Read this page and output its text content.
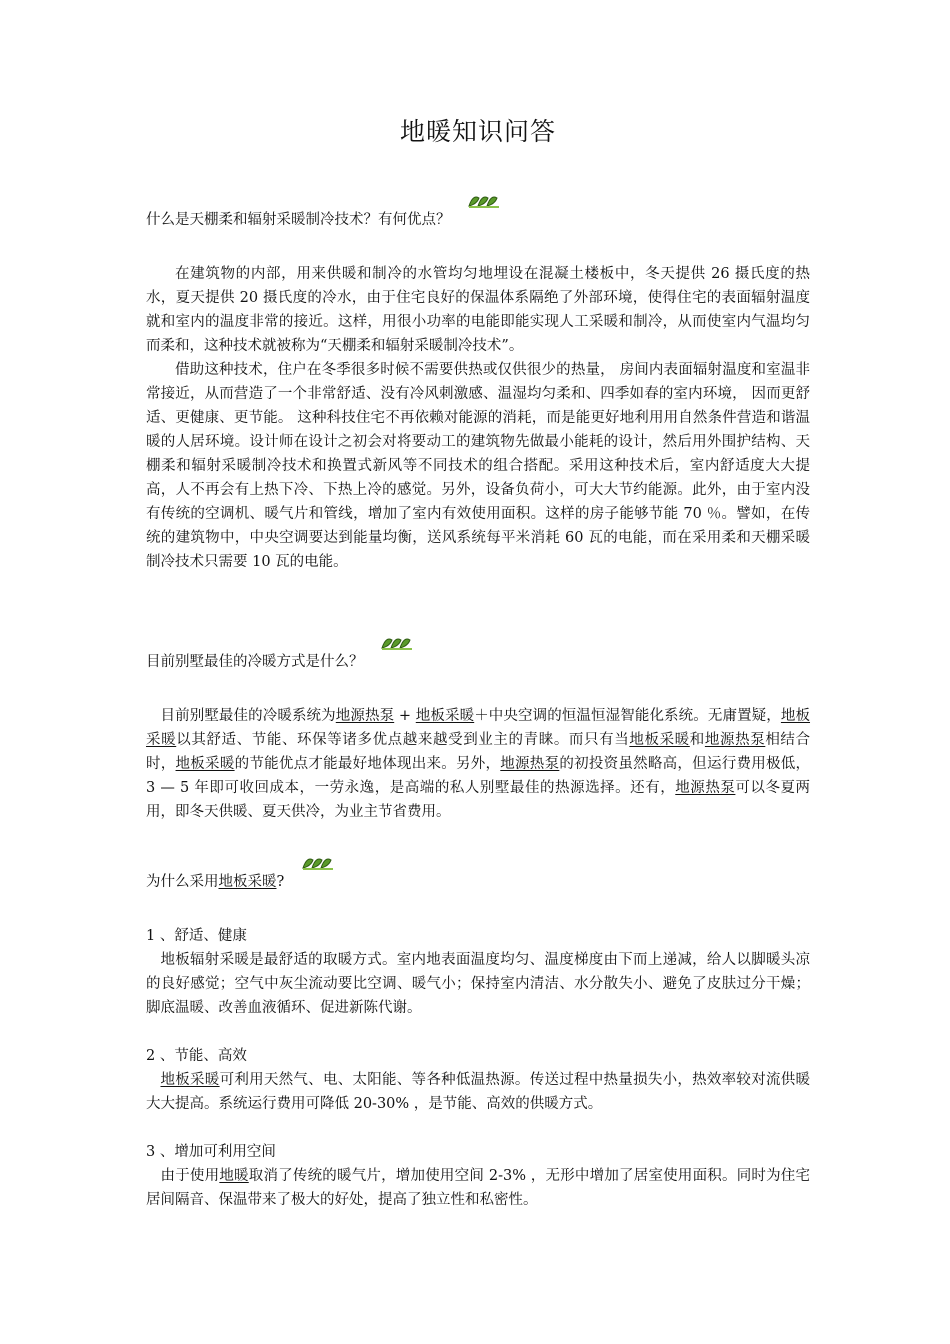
地暖知识问答
什么是天棚柔和辐射采暖制冷技术？有何优点？
在建筑物的内部，用来供暖和制冷的水管均匀地埋设在混凝土楼板中，冬天提供 26 摄氏度的热水，夏天提供 20 摄氏度的冷水，由于住宅良好的保温体系隔绝了外部环境，使得住宅的表面辐射温度就和室内的温度非常的接近。这样，用很小功率的电能即能实现人工采暖和制冷，从而使室内气温均匀而柔和，这种技术就被称为“天棚柔和辐射采暖制冷技术”。
借助这种技术，住户在冬季很多时候不需要供热或仅供很少的热量， 房间内表面辐射温度和室温非常接近，从而营造了一个非常舒适、没有冷风刺激感、温湿均匀柔和、四季如春的室内环境， 因而更舒适、更健康、更节能。 这种科技住宅不再依赖对能源的消耗，而是能更好地利用用自然条件营造和谐温暖的人居环境。设计师在设计之初会对将要动工的建筑物先做最小能耗的设计，然后用外围护结构、天棚柔和辐射采暖制冷技术和换置式新风等不同技术的组合搭配。采用这种技术后，室内舒适度大大提高，人不再会有上热下冷、下热上冷的感觉。另外，设备负荷小，可大大节约能源。此外，由于室内没有传统的空调机、暖气片和管线，增加了室内有效使用面积。这样的房子能够节能 70 ％。譬如，在传统的建筑物中，中央空调要达到能量均衡，送风系统每平米消耗 60 瓦的电能，而在采用柔和天棚采暖制冷技术只需要 10 瓦的电能。
目前别墅最佳的冷暖方式是什么？
目前别墅最佳的冷暖系统为地源热泵 + 地板采暖＋中央空调的恒温恒湿智能化系统。无庸置疑，地板采暖以其舒适、节能、环保等诸多优点越来越受到业主的青睐。而只有当地板采暖和地源热泵相结合时，地板采暖的节能优点才能最好地体现出来。另外，地源热泵的初投资虽然略高，但运行费用极低， 3 — 5 年即可收回成本，一劳永逸，是高端的私人别墅最佳的热源选择。还有，地源热泵可以冬夏两用，即冬天供暖、夏天供冷，为业主节省费用。
为什么采用地板采暖?
1 、舒适、健康
地板辐射采暖是最舒适的取暖方式。室内地表面温度均匀、温度梯度由下而上递减，给人以脚暖头凉的良好感觉；空气中灰尘流动要比空调、暖气小；保持室内清洁、水分散失小、避免了皮肤过分干燥；脚底温暖、改善血液循环、促进新陈代谢。
2 、节能、高效
地板采暖可利用天然气、电、太阳能、等各种低温热源。传送过程中热量损失小，热效率较对流供暖大大提高。系统运行费用可降低 20-30% ，是节能、高效的供暖方式。
3 、增加可利用空间
由于使用地暖取消了传统的暖气片，增加使用空间 2-3% ，无形中增加了居室使用面积。同时为住宅居间隔音、保温带来了极大的好处，提高了独立性和私密性。
